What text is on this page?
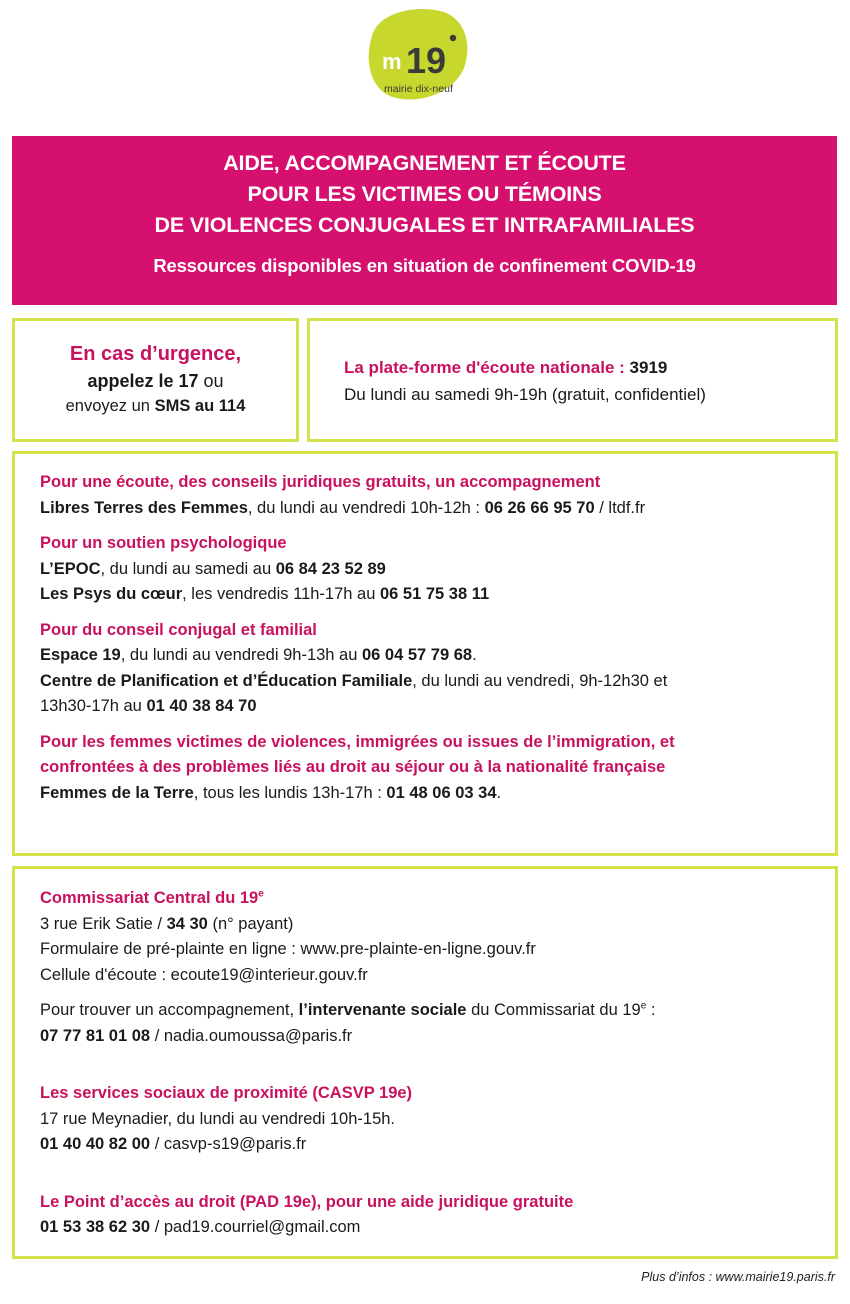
m 19
mairie dix-neuf
AIDE, ACCOMPAGNEMENT ET ÉCOUTE
POUR LES VICTIMES OU TÉMOINS
DE VIOLENCES CONJUGALES ET INTRAFAMILIALES
Ressources disponibles en situation de confinement COVID-19
En cas d’urgence,
appelez le 17 ou
envoyez un SMS au 114
La plate-forme d'écoute nationale : 3919
Du lundi au samedi 9h-19h (gratuit, confidentiel)
Pour une écoute, des conseils juridiques gratuits, un accompagnement
Libres Terres des Femmes, du lundi au vendredi 10h-12h : 06 26 66 95 70 / ltdf.fr
Pour un soutien psychologique
L’EPOC, du lundi au samedi au 06 84 23 52 89
Les Psys du cœur, les vendredis 11h-17h au 06 51 75 38 11
Pour du conseil conjugal et familial
Espace 19, du lundi au vendredi 9h-13h au 06 04 57 79 68.
Centre de Planification et d’Éducation Familiale, du lundi au vendredi, 9h-12h30 et
13h30-17h au 01 40 38 84 70
Pour les femmes victimes de violences, immigrées ou issues de l’immigration, et
confrontées à des problèmes liés au droit au séjour ou à la nationalité française
Femmes de la Terre, tous les lundis 13h-17h : 01 48 06 03 34.
Commissariat Central du 19e
3 rue Erik Satie / 34 30 (n° payant)
Formulaire de pré-plainte en ligne : www.pre-plainte-en-ligne.gouv.fr
Cellule d'écoute : ecoute19@interieur.gouv.fr
Pour trouver un accompagnement, l’intervenante sociale du Commissariat du 19e :
07 77 81 01 08 / nadia.oumoussa@paris.fr
Les services sociaux de proximité (CASVP 19e)
17 rue Meynadier, du lundi au vendredi 10h-15h.
01 40 40 82 00 / casvp-s19@paris.fr
Le Point d’accès au droit (PAD 19e), pour une aide juridique gratuite
01 53 38 62 30 / pad19.courriel@gmail.com
Plus d’infos : www.mairie19.paris.fr
